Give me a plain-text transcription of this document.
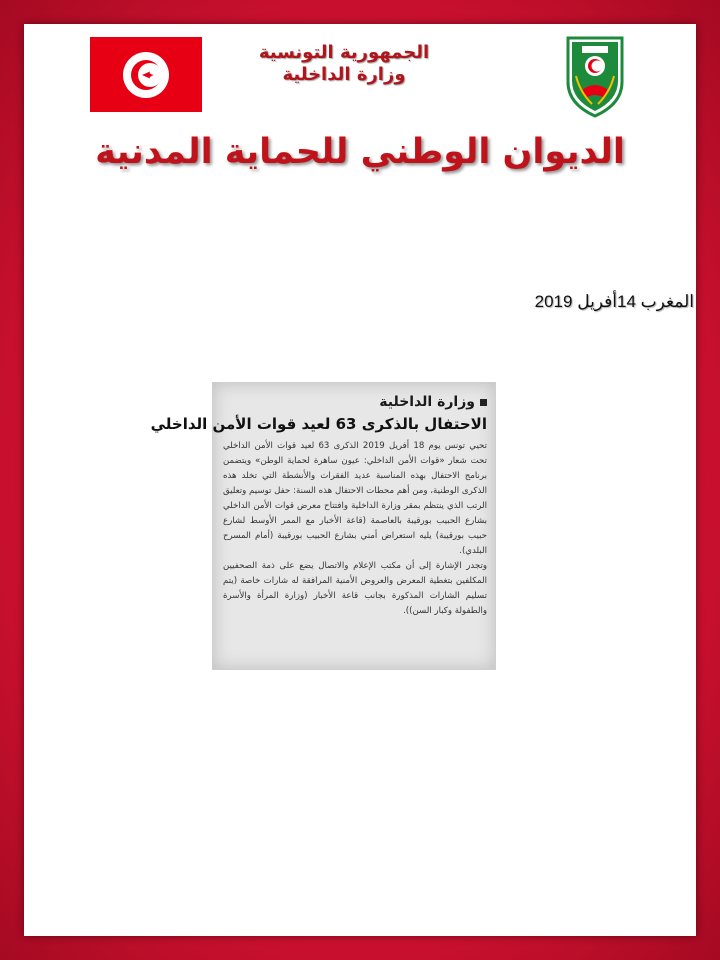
الجمهورية التونسية
وزارة الداخلية
الديوان الوطني للحماية المدنية
المغرب 14أفريل 2019
وزارة الداخلية
الاحتفال بالذكرى 63 لعيد قوات الأمن الداخلي

تحيي تونس يوم 18 أفريل 2019 الذكرى 63 لعيد قوات الأمن الداخلي تحت شعار «قوات الأمن الداخلي: عيون ساهرة لحماية الوطن» ويتضمن برنامج الاحتفال بهذه المناسبة عديد الفقرات والأنشطة التي تخلد هذه الذكرى الوطنية، ومن أهم محطات الاحتفال هذه السنة: حفل توسيم وتعليق الرتب الذي ينتظم بمقر وزارة الداخلية وافتتاح معرض قوات الأمن الداخلي بشارع الحبيب بورقيبة بالعاصمة (قاعة الأخبار مع الممر الأوسط لشارع حبيب بورقيبة) يليه استعراض أمني بشارع الحبيب بورقيبة (أمام المسرح البلدي).

وتجدر الإشارة إلى أن مكتب الإعلام والاتصال يضع على ذمة الصحفيين المكلفين بتغطية المعرض والعروض الأمنية المرافقة له شارات خاصة (يتم تسليم الشارات المذكورة بجانب قاعة الأخبار (وزارة المرأة والأسرة والطفولة وكبار السن)).
